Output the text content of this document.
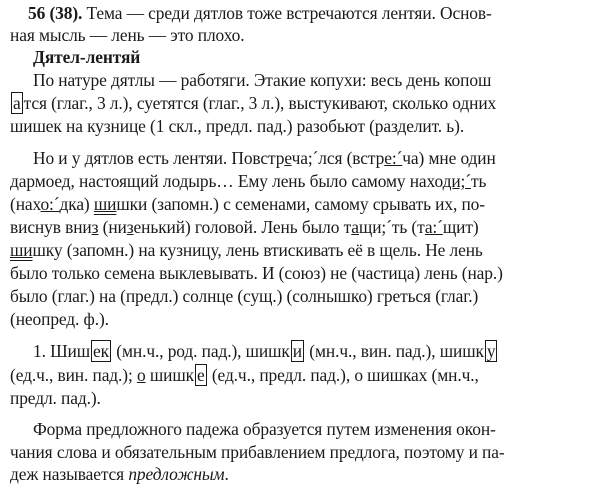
56 (38). Тема — среди дятлов тоже встречаются лентяи. Основ-
ная мысль — лень — это плохо.
Дятел-лентяй
По натуре дятлы — работяги. Этакие копухи: весь день копош
а тся (глаг., 3 л.), суетятся (глаг., 3 л.), выстукивают, сколько одних
шишек на кузнице (1 скл., предл. пад.) разобьют (разделит. ь).
Но и у дятлов есть лентяи. Повстреча;´лся (встре:´ча) мне один
дармоед, настоящий лодырь… Ему лень было самому находи;´ть
(нахо:´дка) шишки (запомн.) с семенами, самому срывать их, по-
виснув вниз (низенький) головой. Лень было тащи;´ть (та:´щит)
шишку (запомн.) на кузницу, лень втискивать её в щель. Не лень
было только семена выклевывать. И (союз) не (частица) лень (нар.)
было (глаг.) на (предл.) солнце (сущ.) (солнышко) греться (глаг.)
(неопред. ф.).
1. Шиш ек (мн.ч., род. пад.), шишк и (мн.ч., вин. пад.), шишк у
(ед.ч., вин. пад.); о шишк е (ед.ч., предл. пад.), о шишках (мн.ч.,
предл. пад.).
Форма предложного падежа образуется путем изменения окон-
чания слова и обязательным прибавлением предлога, поэтому и па-
деж называется предложным.
